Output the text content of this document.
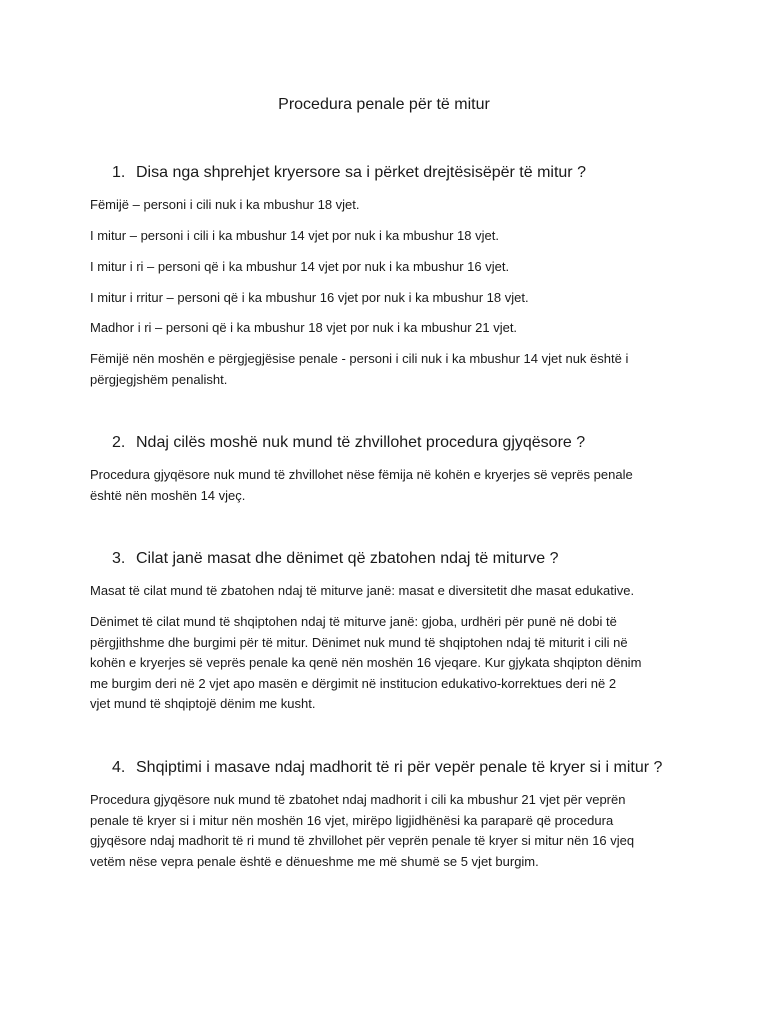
Procedura penale për të mitur
1. Disa nga shprehjet kryersore sa i përket drejtësisëpër të mitur ?
Fëmijë – personi i cili nuk i ka mbushur 18 vjet.
I mitur – personi i cili i ka mbushur 14 vjet por nuk i ka mbushur 18 vjet.
I mitur i ri – personi që i ka mbushur 14 vjet por nuk i ka mbushur 16 vjet.
I mitur i rritur – personi që i ka mbushur 16 vjet por nuk i ka mbushur 18 vjet.
Madhor i ri – personi që i ka mbushur 18 vjet por nuk i ka mbushur 21 vjet.
Fëmijë nën moshën e përgjegjësise penale - personi i cili nuk i ka mbushur 14 vjet nuk është i
përgjegjshëm penalisht.
2. Ndaj cilës moshë nuk mund të zhvillohet procedura gjyqësore ?
Procedura gjyqësore nuk mund të zhvillohet nëse fëmija në kohën e kryerjes së veprës penale
është nën moshën 14 vjeç.
3. Cilat janë masat dhe dënimet që zbatohen ndaj të miturve ?
Masat të cilat mund të zbatohen ndaj të miturve janë: masat e diversitetit dhe masat edukative.
Dënimet të cilat mund të shqiptohen ndaj të miturve janë: gjoba, urdhëri për punë në dobi të
përgjithshme dhe burgimi për të mitur. Dënimet nuk mund të shqiptohen ndaj të miturit i cili në
kohën e kryerjes së veprës penale ka qenë nën moshën 16 vjeqare. Kur gjykata shqipton dënim
me burgim deri në 2 vjet apo masën e dërgimit në institucion edukativo-korrektues deri në 2
vjet mund të shqiptojë dënim me kusht.
4. Shqiptimi i masave ndaj madhorit të ri për vepër penale të kryer si i mitur ?
Procedura gjyqësore nuk mund të zbatohet ndaj madhorit i cili ka mbushur 21 vjet për veprën
penale të kryer si i mitur nën moshën 16 vjet, mirëpo ligjidhënësi ka paraparë që procedura
gjyqësore ndaj madhorit të ri mund të zhvillohet për veprën penale të kryer si mitur nën 16 vjeq
vetëm nëse vepra penale është e dënueshme me më shumë se 5 vjet burgim.
